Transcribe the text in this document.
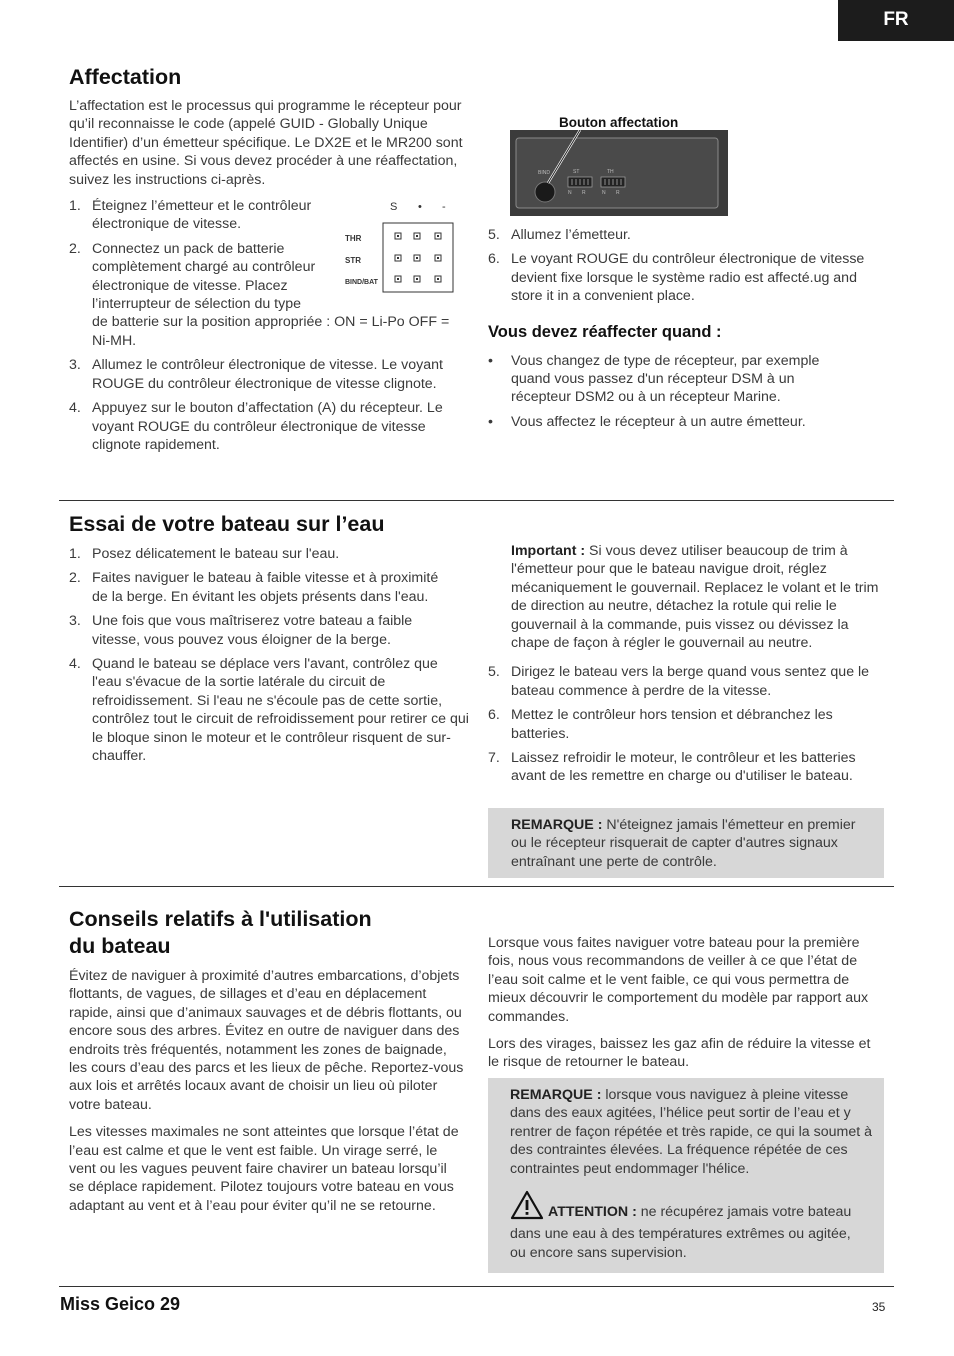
FR
Affectation

L’affectation est le processus qui programme le récepteur pour qu’il reconnaisse le code (appelé GUID - Globally Unique Identifier) d’un émetteur spécifique. Le DX2E et le MR200 sont affectés en usine. Si vous devez procéder à une réaffectation, suivez les instructions ci-après.

1. Éteignez l’émetteur et le contrôleur électronique de vitesse.
2. Connectez un pack de batterie complètement chargé au contrôleur électronique de vitesse. Placez l’interrupteur de sélection du type
de batterie sur la position appropriée : ON = Li-Po OFF = Ni-MH.
3. Allumez le contrôleur électronique de vitesse. Le voyant ROUGE du contrôleur électronique de vitesse clignote.
4. Appuyez sur le bouton d’affectation (A) du récepteur. Le voyant ROUGE du contrôleur électronique de vitesse clignote rapidement.
S • -
THR
STR
BIND/BAT
Bouton affectation
BIND	ST	TH
N R	N R
5. Allumez l’émetteur.
6. Le voyant ROUGE du contrôleur électronique de vitesse devient fixe lorsque le système radio est affecté.ug and store it in a convenient place.
Vous devez réaffecter quand :
• Vous changez de type de récepteur, par exemple quand vous passez d'un récepteur DSM à un récepteur DSM2 ou à un récepteur Marine.
• Vous affectez le récepteur à un autre émetteur.
Essai de votre bateau sur l’eau
1. Posez délicatement le bateau sur l'eau.
2. Faites naviguer le bateau à faible vitesse et à proximité de la berge. En évitant les objets présents dans l'eau.
3. Une fois que vous maîtriserez votre bateau a faible vitesse, vous pouvez vous éloigner de la berge.
4. Quand le bateau se déplace vers l'avant, contrôlez que l'eau s'évacue de la sortie latérale du circuit de refroidissement. Si l'eau ne s'écoule pas de cette sortie, contrôlez tout le circuit de refroidissement pour retirer ce qui le bloque sinon le moteur et le contrôleur risquent de sur-chauffer.

Important : Si vous devez utiliser beaucoup de trim à l'émetteur pour que le bateau navigue droit, réglez mécaniquement le gouvernail. Replacez le volant et le trim de direction au neutre, détachez la rotule qui relie le gouvernail à la commande, puis vissez ou dévissez la chape de façon à régler le gouvernail au neutre.

5. Dirigez le bateau vers la berge quand vous sentez que le bateau commence à perdre de la vitesse.
6. Mettez le contrôleur hors tension et débranchez les batteries.
7. Laissez refroidir le moteur, le contrôleur et les batteries avant de les remettre en charge ou d'utiliser le bateau.
REMARQUE : N'éteignez jamais l'émetteur en premier ou le récepteur risquerait de capter d'autres signaux entraînant une perte de contrôle.
Conseils relatifs à l'utilisation
du bateau

Évitez de naviguer à proximité d’autres embarcations, d’objets flottants, de vagues, de sillages et d’eau en déplacement rapide, ainsi que d’animaux sauvages et de débris flottants, ou encore sous des arbres. Évitez en outre de naviguer dans des endroits très fréquentés, notamment les zones de baignade, les cours d’eau des parcs et les lieux de pêche. Reportez-vous aux lois et arrêtés locaux avant de choisir un lieu où piloter votre bateau.

Les vitesses maximales ne sont atteintes que lorsque l’état de l’eau est calme et que le vent est faible. Un virage serré, le vent ou les vagues peuvent faire chavirer un bateau lorsqu’il se déplace rapidement. Pilotez toujours votre bateau en vous adaptant au vent et à l’eau pour éviter qu’il ne se retourne.

Lorsque vous faites naviguer votre bateau pour la première fois, nous vous recommandons de veiller à ce que l’état de l’eau soit calme et le vent faible, ce qui vous permettra de mieux découvrir le comportement du modèle par rapport aux commandes.

Lors des virages, baissez les gaz afin de réduire la vitesse et le risque de retourner le bateau.

REMARQUE : lorsque vous naviguez à pleine vitesse dans des eaux agitées, l’hélice peut sortir de l’eau et y rentrer de façon répétée et très rapide, ce qui la soumet à des contraintes élevées. La fréquence répétée de ces contraintes peut endommager l'hélice.

ATTENTION : ne récupérez jamais votre bateau dans une eau à des températures extrêmes ou agitée, ou encore sans supervision.

Miss Geico 29	35
